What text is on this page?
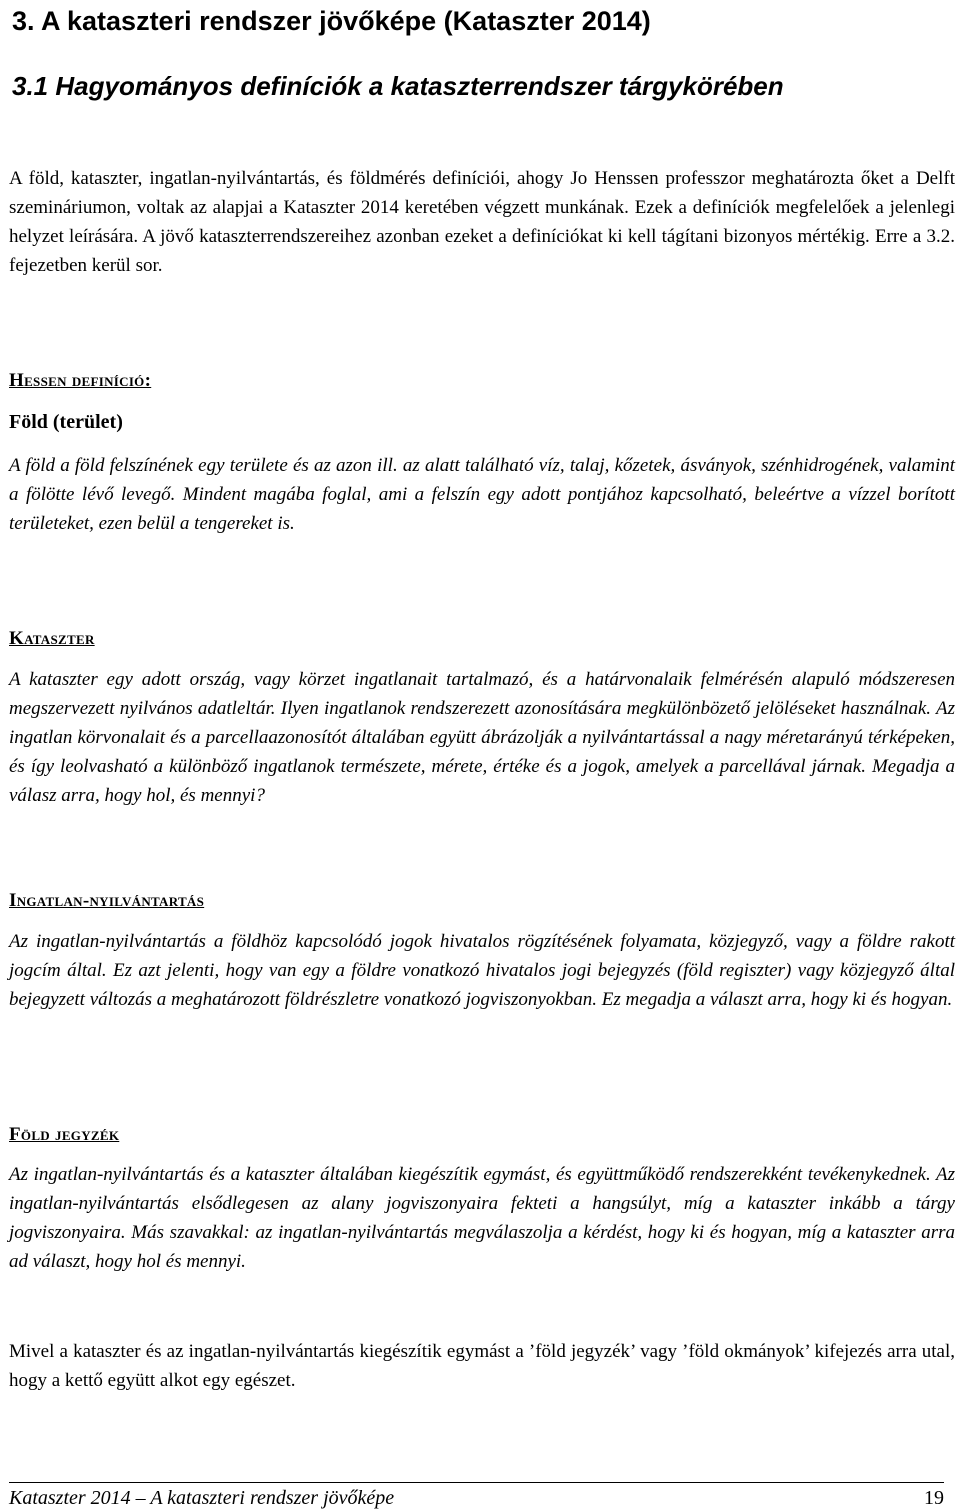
3. A kataszteri rendszer jövőképe (Kataszter 2014)
3.1 Hagyományos definíciók a kataszterrendszer tárgykörében
A föld, kataszter, ingatlan-nyilvántartás, és földmérés definíciói, ahogy Jo Henssen professzor meghatározta őket a Delft szemináriumon, voltak az alapjai a Kataszter 2014 keretében végzett munkának. Ezek a definíciók megfelelőek a jelenlegi helyzet leírására. A jövő kataszterrendszereihez azonban ezeket a definíciókat ki kell tágítani bizonyos mértékig. Erre a 3.2. fejezetben kerül sor.
Hessen definíció:
Föld (terület)
A föld a föld felszínének egy területe és az azon ill. az alatt található víz, talaj, kőzetek, ásványok, szénhidrogének, valamint a fölötte lévő levegő. Mindent magába foglal, ami a felszín egy adott pontjához kapcsolható, beleértve a vízzel borított területeket, ezen belül a tengereket is.
Kataszter
A kataszter egy adott ország, vagy körzet ingatlanait tartalmazó, és a határvonalaik felmérésén alapuló módszeresen megszervezett nyilvános adatleltár. Ilyen ingatlanok rendszerezett azonosítására megkülönbözető jelöléseket használnak. Az ingatlan körvonalait és a parcellaazonosítót általában együtt ábrázolják a nyilvántartással a nagy méretarányú térképeken, és így leolvasható a különböző ingatlanok természete, mérete, értéke és a jogok, amelyek a parcellával járnak. Megadja a válasz arra, hogy hol, és mennyi?
Ingatlan-nyilvántartás
Az ingatlan-nyilvántartás a földhöz kapcsolódó jogok hivatalos rögzítésének folyamata, közjegyző, vagy a földre rakott jogcím által. Ez azt jelenti, hogy van egy a földre vonatkozó hivatalos jogi bejegyzés (föld regiszter) vagy közjegyző által bejegyzett változás a meghatározott földrészletre vonatkozó jogviszonyokban. Ez megadja a választ arra, hogy ki és hogyan.
Föld jegyzék
Az ingatlan-nyilvántartás és a kataszter általában kiegészítik egymást, és együttműködő rendszerekként tevékenykednek. Az ingatlan-nyilvántartás elsődlegesen az alany jogviszonyaira fekteti a hangsúlyt, míg a kataszter inkább a tárgy jogviszonyaira. Más szavakkal: az ingatlan-nyilvántartás megválaszolja a kérdést, hogy ki és hogyan, míg a kataszter arra ad választ, hogy hol és mennyi.
Mivel a kataszter és az ingatlan-nyilvántartás kiegészítik egymást a ’föld jegyzék’ vagy ’föld okmányok’ kifejezés arra utal, hogy a kettő együtt alkot egy egészet.
Kataszter 2014 – A kataszteri rendszer jövőképe	19
